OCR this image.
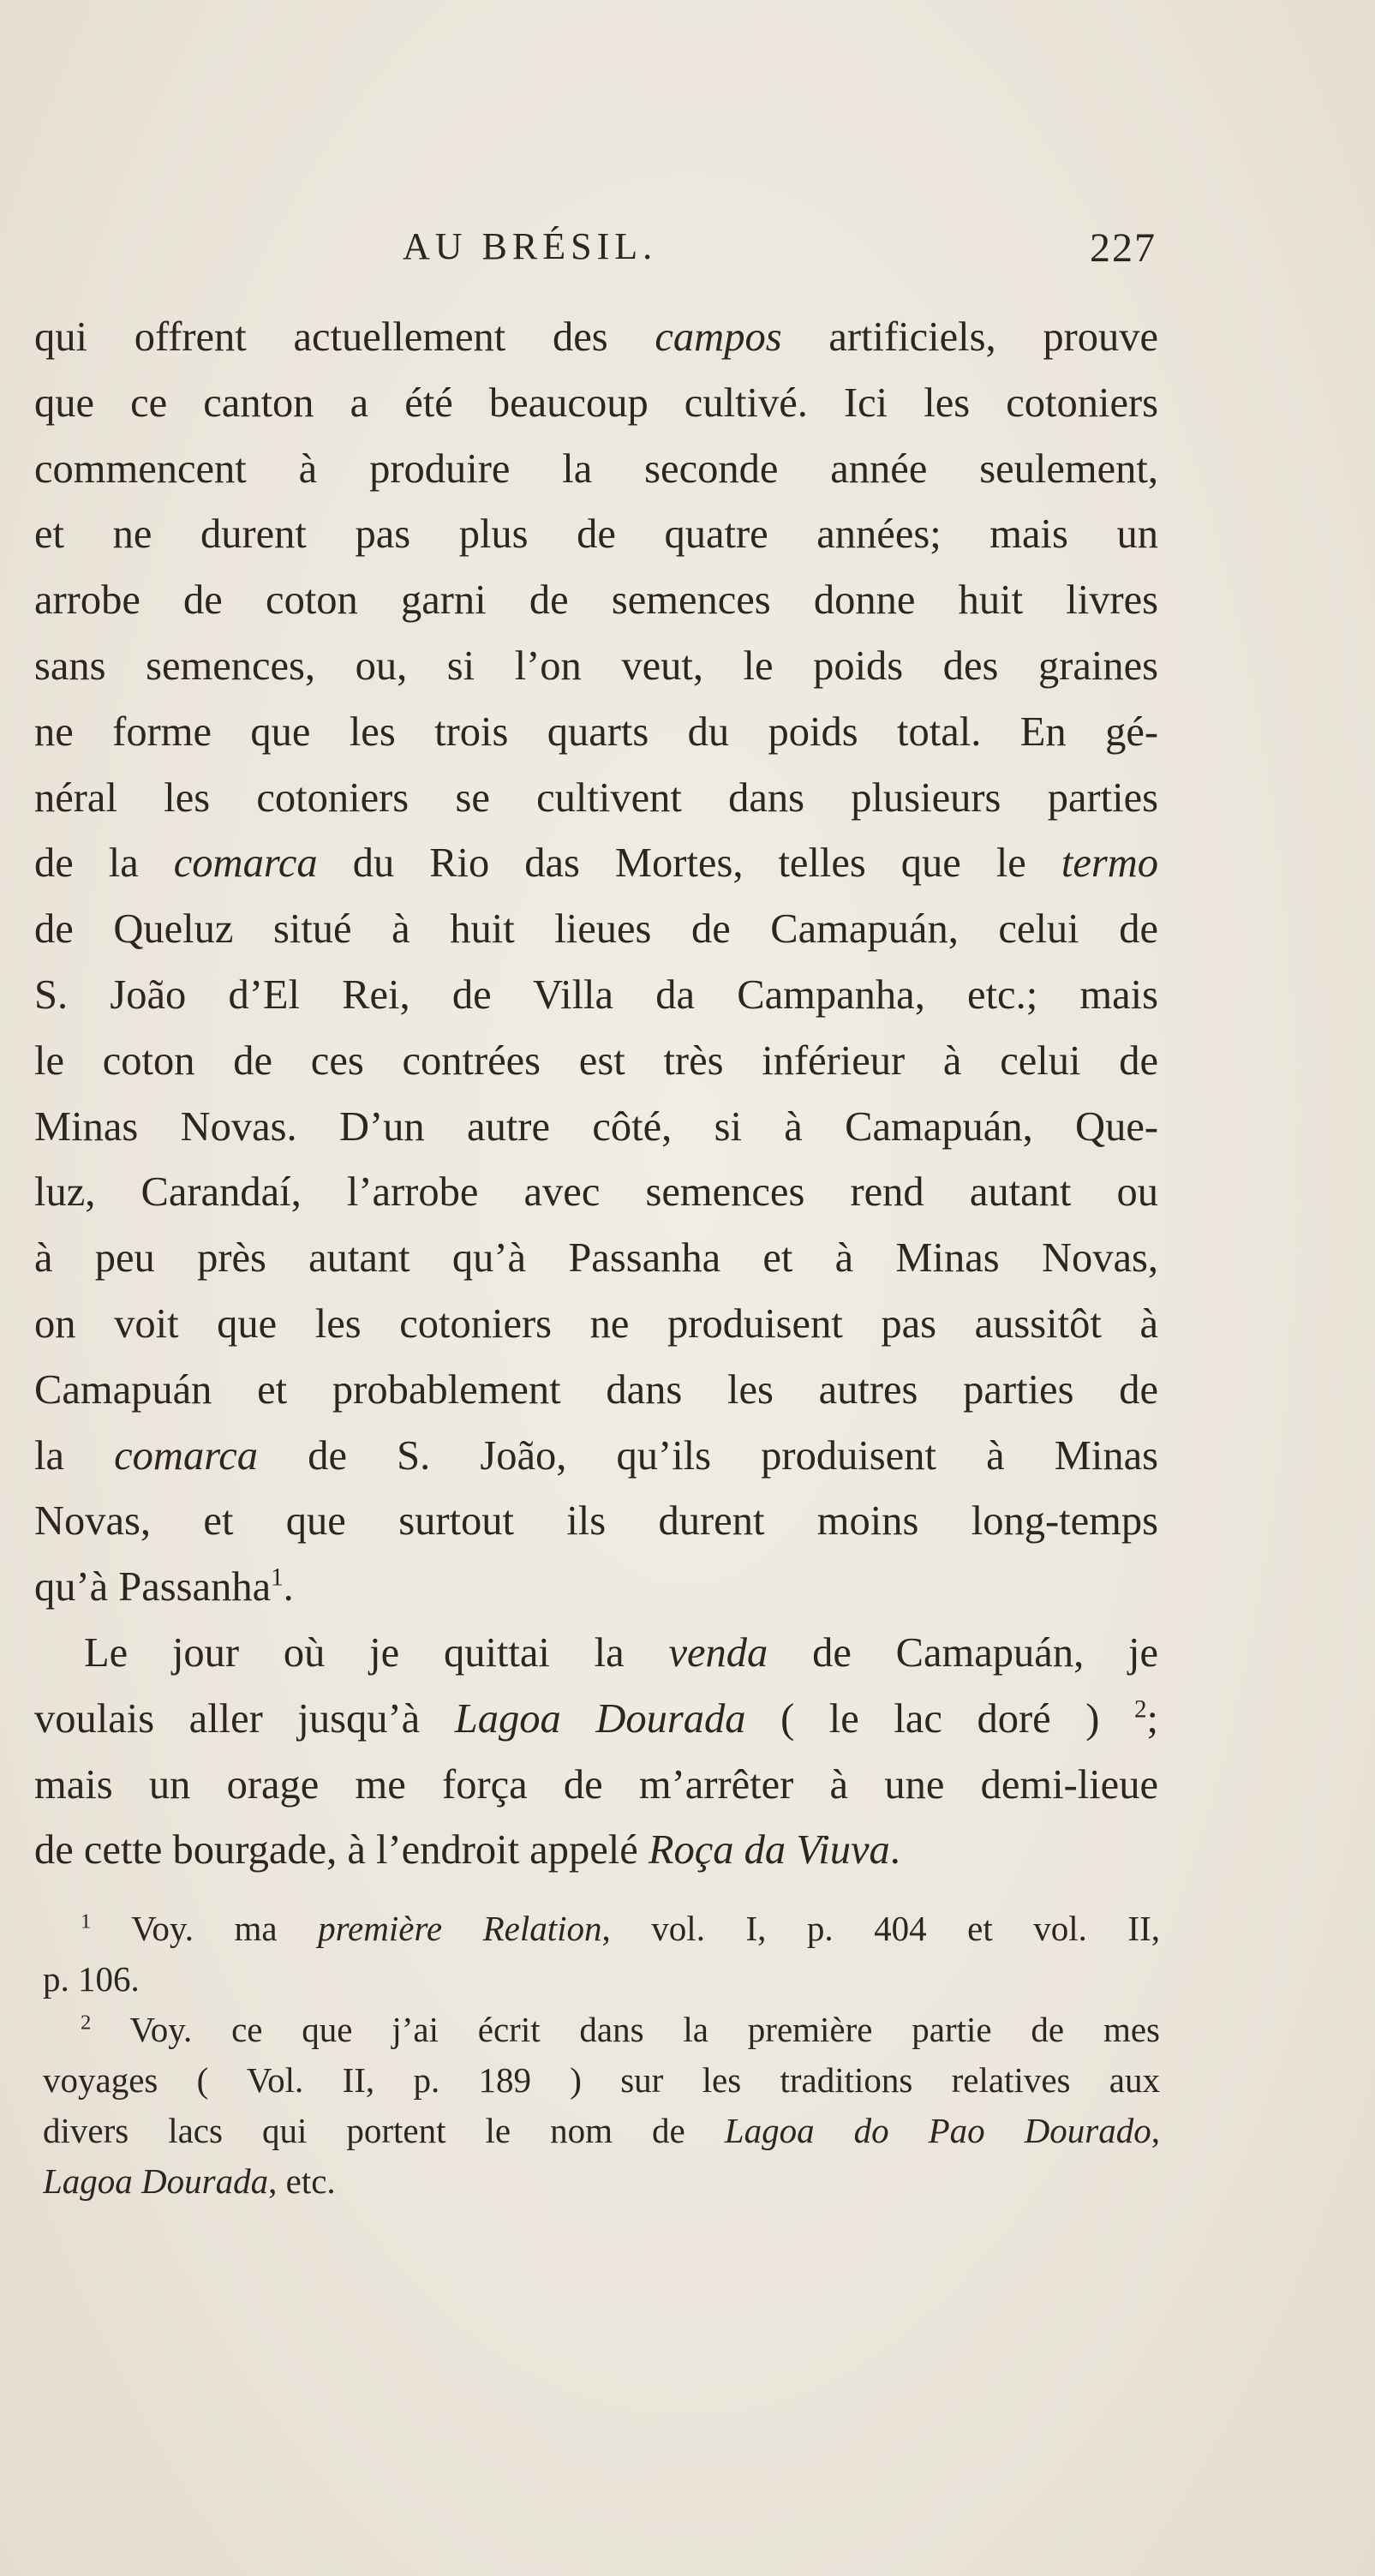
AU BRÉSIL.	227
qui offrent actuellement des campos artificiels, prouve
que ce canton a été beaucoup cultivé. Ici les cotoniers
commencent à produire la seconde année seulement,
et ne durent pas plus de quatre années; mais un
arrobe de coton garni de semences donne huit livres
sans semences, ou, si l’on veut, le poids des graines
ne forme que les trois quarts du poids total. En gé-
néral les cotoniers se cultivent dans plusieurs parties
de la comarca du Rio das Mortes, telles que le termo
de Queluz situé à huit lieues de Camapuán, celui de
S. João d’El Rei, de Villa da Campanha, etc.; mais
le coton de ces contrées est très inférieur à celui de
Minas Novas. D’un autre côté, si à Camapuán, Que-
luz, Carandaí, l’arrobe avec semences rend autant ou
à peu près autant qu’à Passanha et à Minas Novas,
on voit que les cotoniers ne produisent pas aussitôt à
Camapuán et probablement dans les autres parties de
la comarca de S. João, qu’ils produisent à Minas
Novas, et que surtout ils durent moins long-temps
qu’à Passanha$^1$.
Le jour où je quittai la venda de Camapuán, je
voulais aller jusqu’à Lagoa Dourada ( le lac doré ) $^2$;
mais un orage me força de m’arrêter à une demi-lieue
de cette bourgade, à l’endroit appelé Roça da Viuva.
$^1$ Voy. ma première Relation, vol. I, p. 404 et vol. II,
p. 106.
$^2$ Voy. ce que j’ai écrit dans la première partie de mes
voyages ( Vol. II, p. 189 ) sur les traditions relatives aux
divers lacs qui portent le nom de Lagoa do Pao Dourado,
Lagoa Dourada, etc.
